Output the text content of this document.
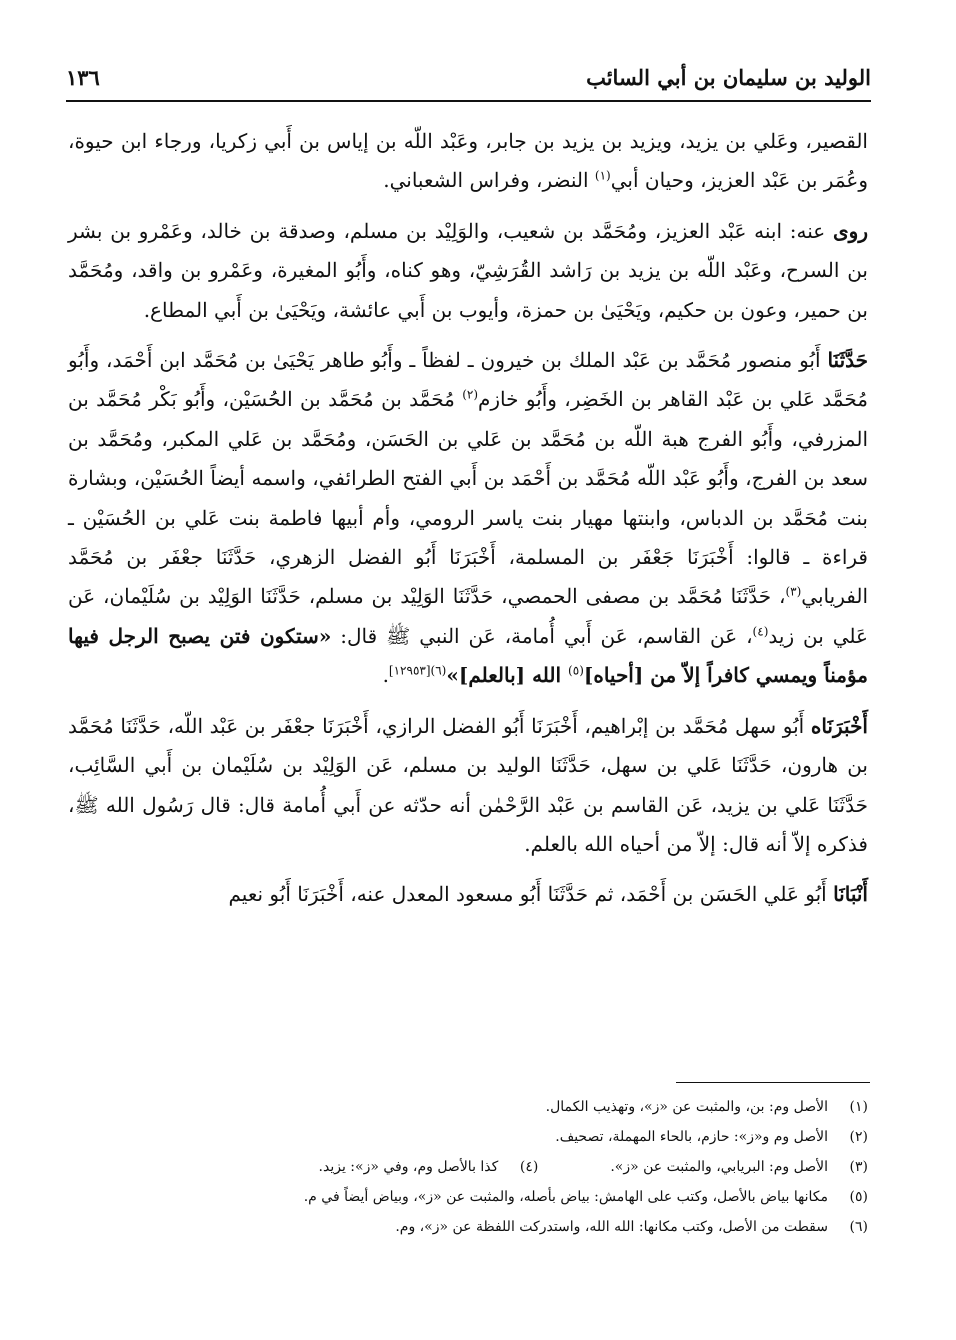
الوليد بن سليمان بن أبي السائب
١٣٦

القصير، وعَلي بن يزيد، ويزيد بن يزيد بن جابر، وعَبْد اللّه بن إياس بن أَبي زكريا، ورجاء ابن حيوة، وعُمَر بن عَبْد العزيز، وحيان أبي$^{(١)}$ النضر، وفراس الشعباني.

روى عنه: ابنه عَبْد العزيز، ومُحَمَّد بن شعيب، والوَلِيْد بن مسلم، وصدقة بن خالد، وعَمْرو بن بشر بن السرح، وعَبْد اللّه بن يزيد بن رَاشد القُرَشِيّ، وهو كناه، وأَبُو المغيرة، وعَمْرو بن واقد، ومُحَمَّد بن حمير، وعون بن حكيم، ويَحْيَىٰ بن حمزة، وأيوب بن أَبي عائشة، ويَحْيَىٰ بن أَبي المطاع.

حَدَّثَنَا أَبُو منصور مُحَمَّد بن عَبْد الملك بن خيرون ـ لفظاً ـ وأَبُو طاهر يَحْيَىٰ بن مُحَمَّد ابن أَحْمَد، وأَبُو مُحَمَّد عَلي بن عَبْد القاهر بن الخَضِر، وأَبُو خازم$^{(٢)}$ مُحَمَّد بن مُحَمَّد بن الحُسَيْن، وأَبُو بَكْر مُحَمَّد بن المزرفي، وأَبُو الفرج هبة اللّه بن مُحَمَّد بن عَلي بن الحَسَن، ومُحَمَّد بن عَلي المكبر، ومُحَمَّد بن سعد بن الفرج، وأَبُو عَبْد اللّه مُحَمَّد بن أَحْمَد بن أَبي الفتح الطرائفي، واسمه أيضاً الحُسَيْن، وبشارة بنت مُحَمَّد بن الدباس، وابنتها مهيار بنت ياسر الرومي، وأم أبيها فاطمة بنت عَلي بن الحُسَيْن ـ قراءة ـ قالوا: أَخْبَرَنَا جَعْفَر بن المسلمة، أَخْبَرَنَا أَبُو الفضل الزهري، حَدَّثَنَا جعْفَر بن مُحَمَّد الفريابي$^{(٣)}$، حَدَّثَنَا مُحَمَّد بن مصفى الحمصي، حَدَّثَنَا الوَلِيْد بن مسلم، حَدَّثَنَا الوَلِيْد بن سُلَيْمان، عَن عَلي بن زيد$^{(٤)}$، عَن القاسم، عَن أَبي أُمامة، عَن النبي ﷺ قال: «ستكون فتن يصبح الرجل فيها مؤمناً ويمسي كافراً إلاّ من [أحياه]$^{(٥)}$ الله [بالعلم]»$^{(٦)[١٢٩٥٣]}$.

أَخْبَرَنَاه أَبُو سهل مُحَمَّد بن إبْراهيم، أَخْبَرَنَا أَبُو الفضل الرازي، أَخْبَرَنَا جعْفَر بن عَبْد اللّه، حَدَّثَنَا مُحَمَّد بن هارون، حَدَّثَنَا عَلي بن سهل، حَدَّثَنَا الوليد بن مسلم، عَن الوَلِيْد بن سُلَيْمان بن أَبي السَّائِب، حَدَّثَنَا عَلي بن يزيد، عَن القاسم بن عَبْد الرَّحْمٰن أنه حدّثه عن أَبي أُمامة قال: قال رَسُول الله ﷺ، فذكره إلاّ أنه قال: إلاّ من أحياه الله بالعلم.

أَنْبَانَا أَبُو عَلي الحَسَن بن أَحْمَد، ثم حَدَّثَنَا أَبُو مسعود المعدل عنه، أَخْبَرَنَا أَبُو نعيم

(١)
الأصل وم: بن، والمثبت عن «ز»، وتهذيب الكمال.
(٢)
الأصل وم و«ز»: حازم، بالحاء المهملة، تصحيف.
(٣)
الأصل وم: البريابي، والمثبت عن «ز».
(٤)
كذا بالأصل وم، وفي «ز»: يزيد.
(٥)
مكانها بياض بالأصل، وكتب على الهامش: بياض بأصله، والمثبت عن «ز»، وبياض أيضاً في م.
(٦)
سقطت من الأصل، وكتب مكانها: الله الله، واستدركت اللفظة عن «ز»، وم.
